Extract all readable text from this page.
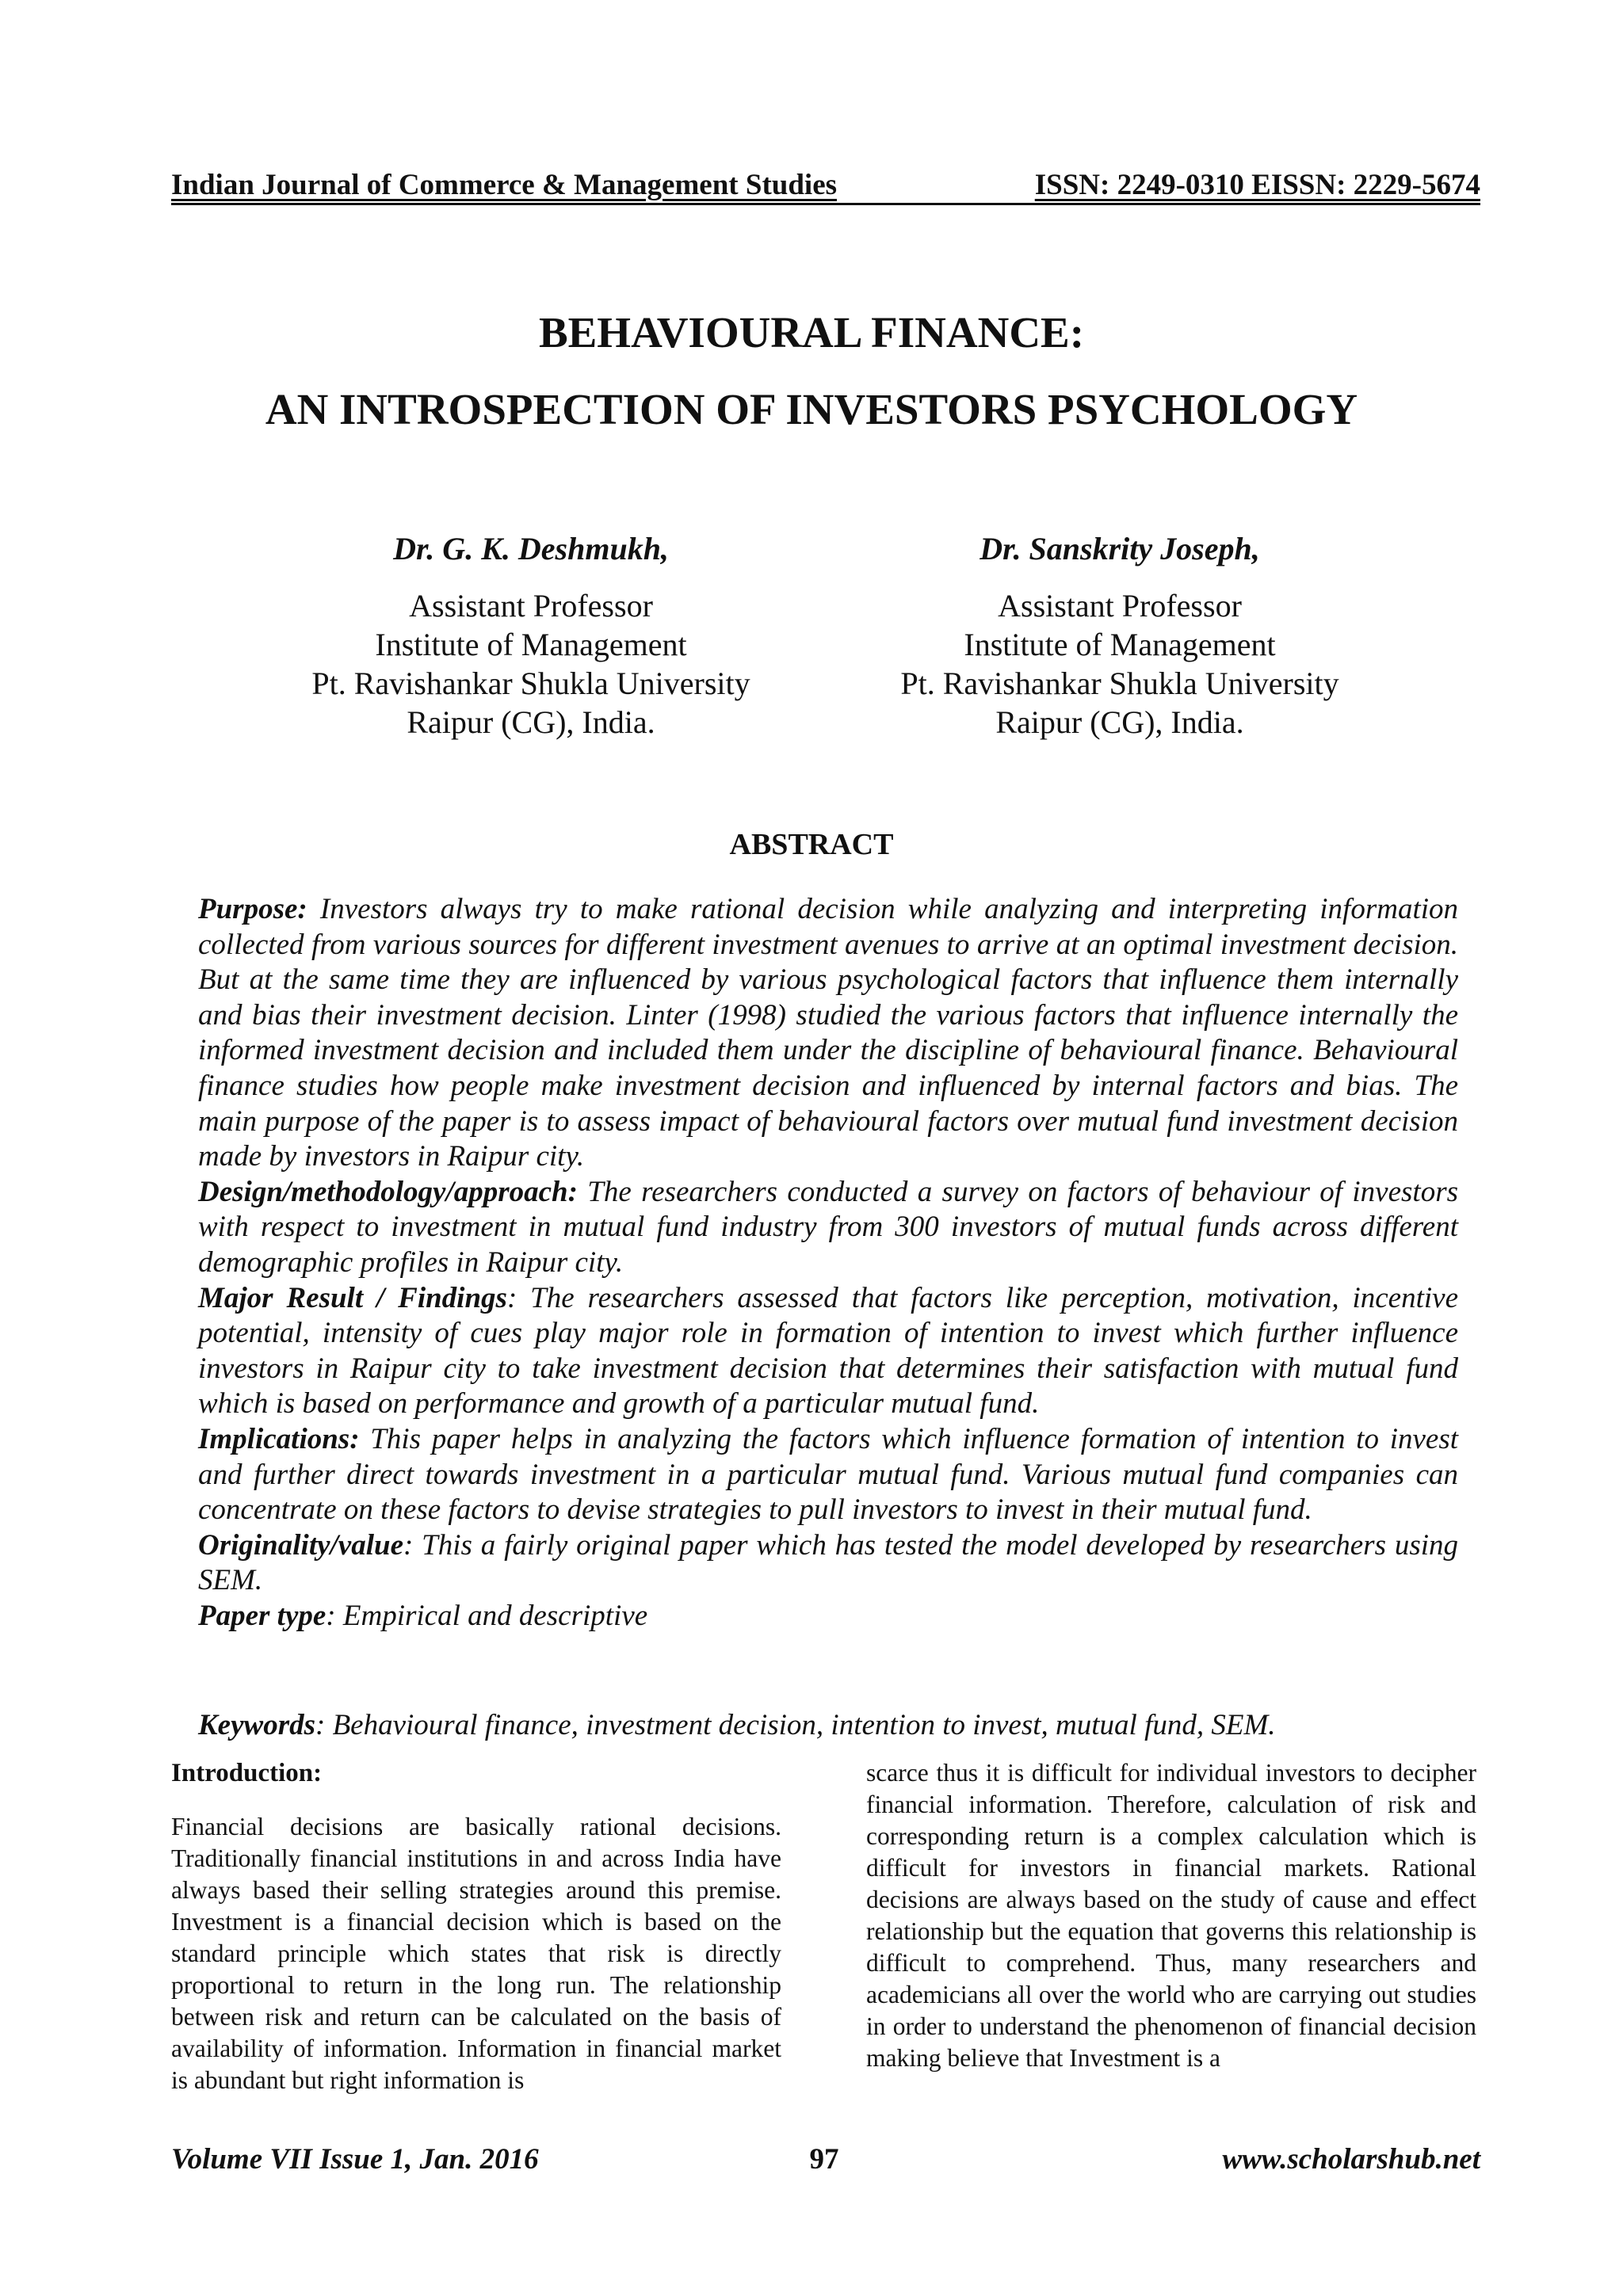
Indian Journal of Commerce & Management Studies	ISSN: 2249-0310 EISSN: 2229-5674
BEHAVIOURAL FINANCE:
AN INTROSPECTION OF INVESTORS PSYCHOLOGY
Dr. G. K. Deshmukh,
Assistant Professor
Institute of Management
Pt. Ravishankar Shukla University
Raipur (CG), India.
Dr. Sanskrity Joseph,
Assistant Professor
Institute of Management
Pt. Ravishankar Shukla University
Raipur (CG), India.
ABSTRACT

Purpose: Investors always try to make rational decision while analyzing and interpreting information collected from various sources for different investment avenues to arrive at an optimal investment decision. But at the same time they are influenced by various psychological factors that influence them internally and bias their investment decision. Linter (1998) studied the various factors that influence internally the informed investment decision and included them under the discipline of behavioural finance. Behavioural finance studies how people make investment decision and influenced by internal factors and bias. The main purpose of the paper is to assess impact of behavioural factors over mutual fund investment decision made by investors in Raipur city.

Design/methodology/approach: The researchers conducted a survey on factors of behaviour of investors with respect to investment in mutual fund industry from 300 investors of mutual funds across different demographic profiles in Raipur city.

Major Result / Findings: The researchers assessed that factors like perception, motivation, incentive potential, intensity of cues play major role in formation of intention to invest which further influence investors in Raipur city to take investment decision that determines their satisfaction with mutual fund which is based on performance and growth of a particular mutual fund.

Implications: This paper helps in analyzing the factors which influence formation of intention to invest and further direct towards investment in a particular mutual fund. Various mutual fund companies can concentrate on these factors to devise strategies to pull investors to invest in their mutual fund.

Originality/value: This a fairly original paper which has tested the model developed by researchers using SEM.

Paper type: Empirical and descriptive

Keywords: Behavioural finance, investment decision, intention to invest, mutual fund, SEM.
Introduction:
Financial decisions are basically rational decisions. Traditionally financial institutions in and across India have always based their selling strategies around this premise. Investment is a financial decision which is based on the standard principle which states that risk is directly proportional to return in the long run. The relationship between risk and return can be calculated on the basis of availability of information. Information in financial market is abundant but right information is
scarce thus it is difficult for individual investors to decipher financial information. Therefore, calculation of risk and corresponding return is a complex calculation which is difficult for investors in financial markets. Rational decisions are always based on the study of cause and effect relationship but the equation that governs this relationship is difficult to comprehend. Thus, many researchers and academicians all over the world who are carrying out studies in order to understand the phenomenon of financial decision making believe that Investment is a
Volume VII Issue 1, Jan. 2016	97	www.scholarshub.net
